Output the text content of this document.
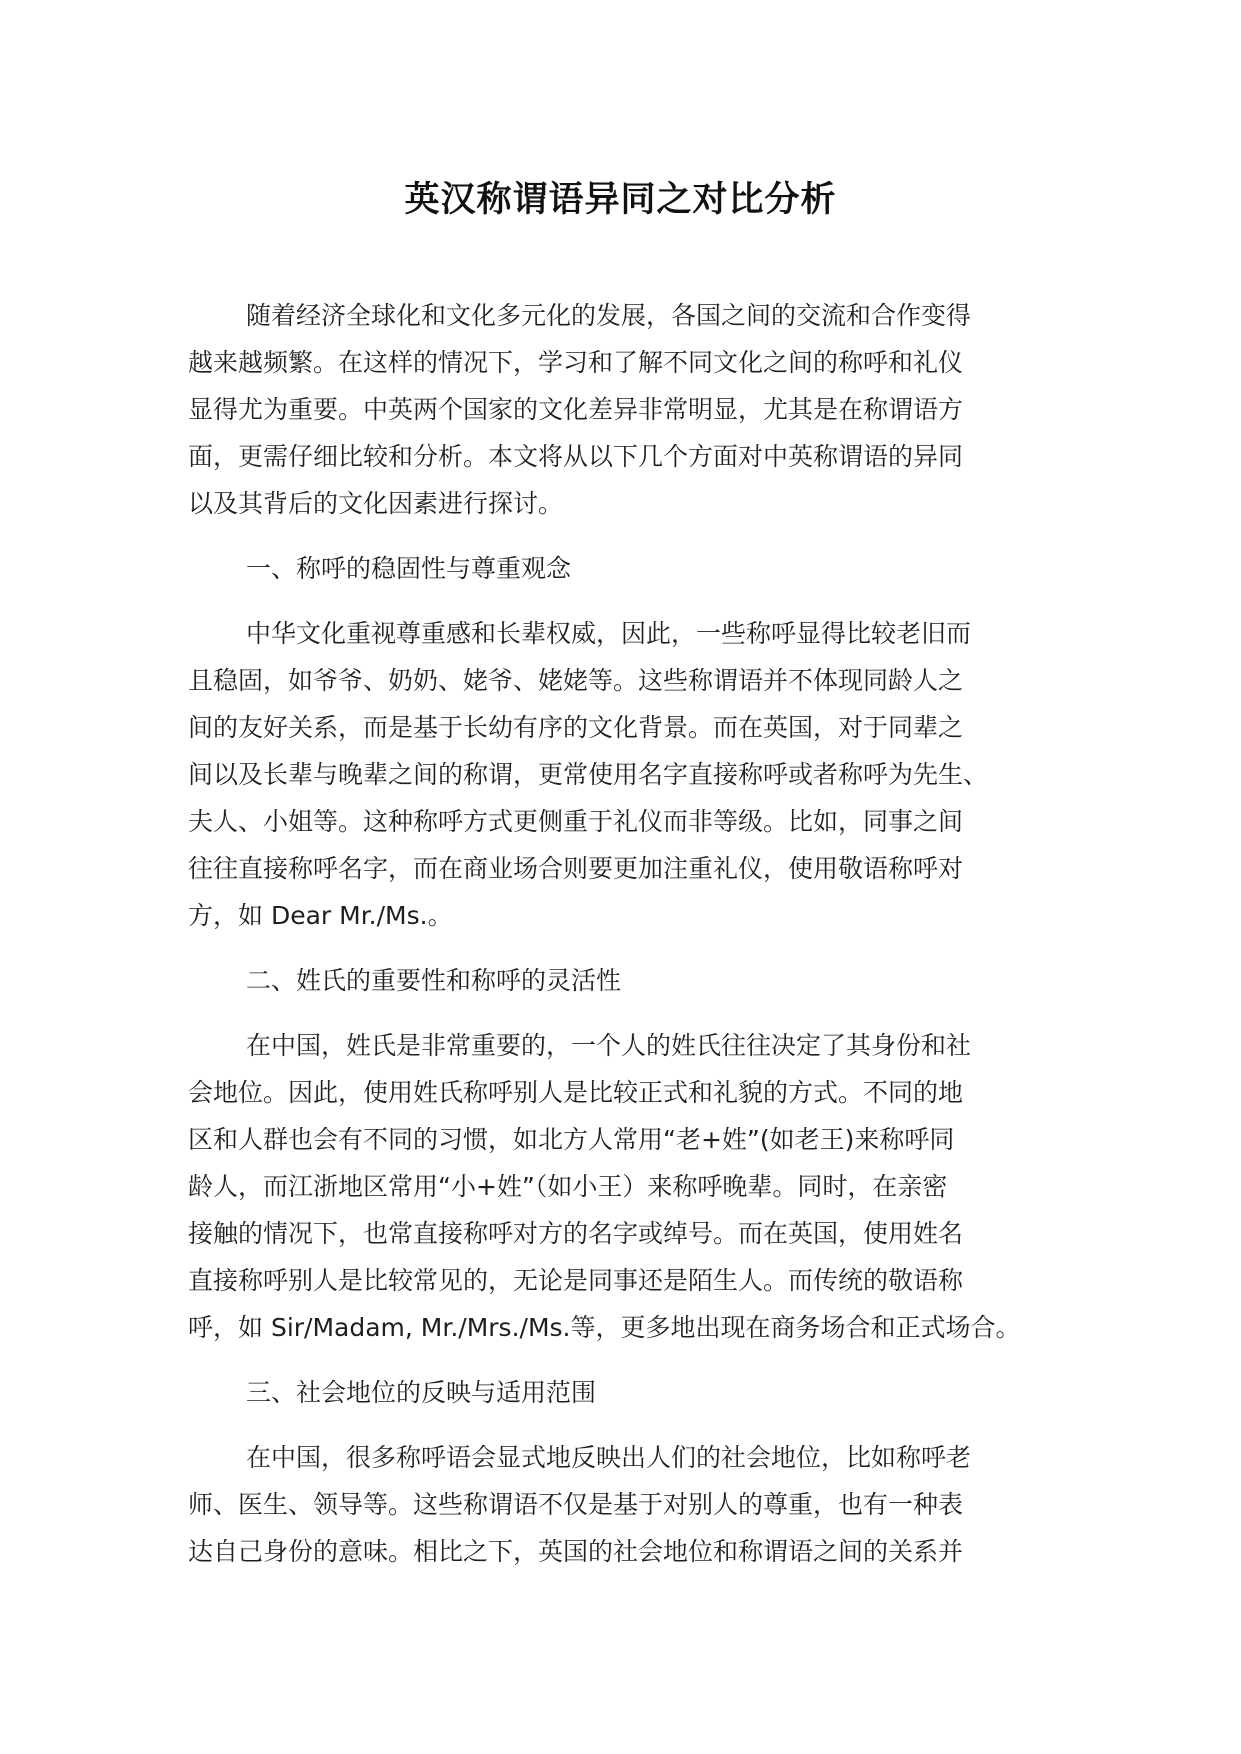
英汉称谓语异同之对比分析
随着经济全球化和文化多元化的发展，各国之间的交流和合作变得
越来越频繁。在这样的情况下，学习和了解不同文化之间的称呼和礼仪
显得尤为重要。中英两个国家的文化差异非常明显，尤其是在称谓语方
面，更需仔细比较和分析。本文将从以下几个方面对中英称谓语的异同
以及其背后的文化因素进行探讨。
一、称呼的稳固性与尊重观念
中华文化重视尊重感和长辈权威，因此，一些称呼显得比较老旧而
且稳固，如爷爷、奶奶、姥爷、姥姥等。这些称谓语并不体现同龄人之
间的友好关系，而是基于长幼有序的文化背景。而在英国，对于同辈之
间以及长辈与晚辈之间的称谓，更常使用名字直接称呼或者称呼为先生、
夫人、小姐等。这种称呼方式更侧重于礼仪而非等级。比如，同事之间
往往直接称呼名字，而在商业场合则要更加注重礼仪，使用敬语称呼对
方，如 Dear Mr./Ms.。
二、姓氏的重要性和称呼的灵活性
在中国，姓氏是非常重要的，一个人的姓氏往往决定了其身份和社
会地位。因此，使用姓氏称呼别人是比较正式和礼貌的方式。不同的地
区和人群也会有不同的习惯，如北方人常用“老+姓”(如老王)来称呼同
龄人，而江浙地区常用“小+姓”（如小王）来称呼晚辈。同时，在亲密
接触的情况下，也常直接称呼对方的名字或绰号。而在英国，使用姓名
直接称呼别人是比较常见的，无论是同事还是陌生人。而传统的敬语称
呼，如 Sir/Madam, Mr./Mrs./Ms.等，更多地出现在商务场合和正式场合。
三、社会地位的反映与适用范围
在中国，很多称呼语会显式地反映出人们的社会地位，比如称呼老
师、医生、领导等。这些称谓语不仅是基于对别人的尊重，也有一种表
达自己身份的意味。相比之下，英国的社会地位和称谓语之间的关系并
